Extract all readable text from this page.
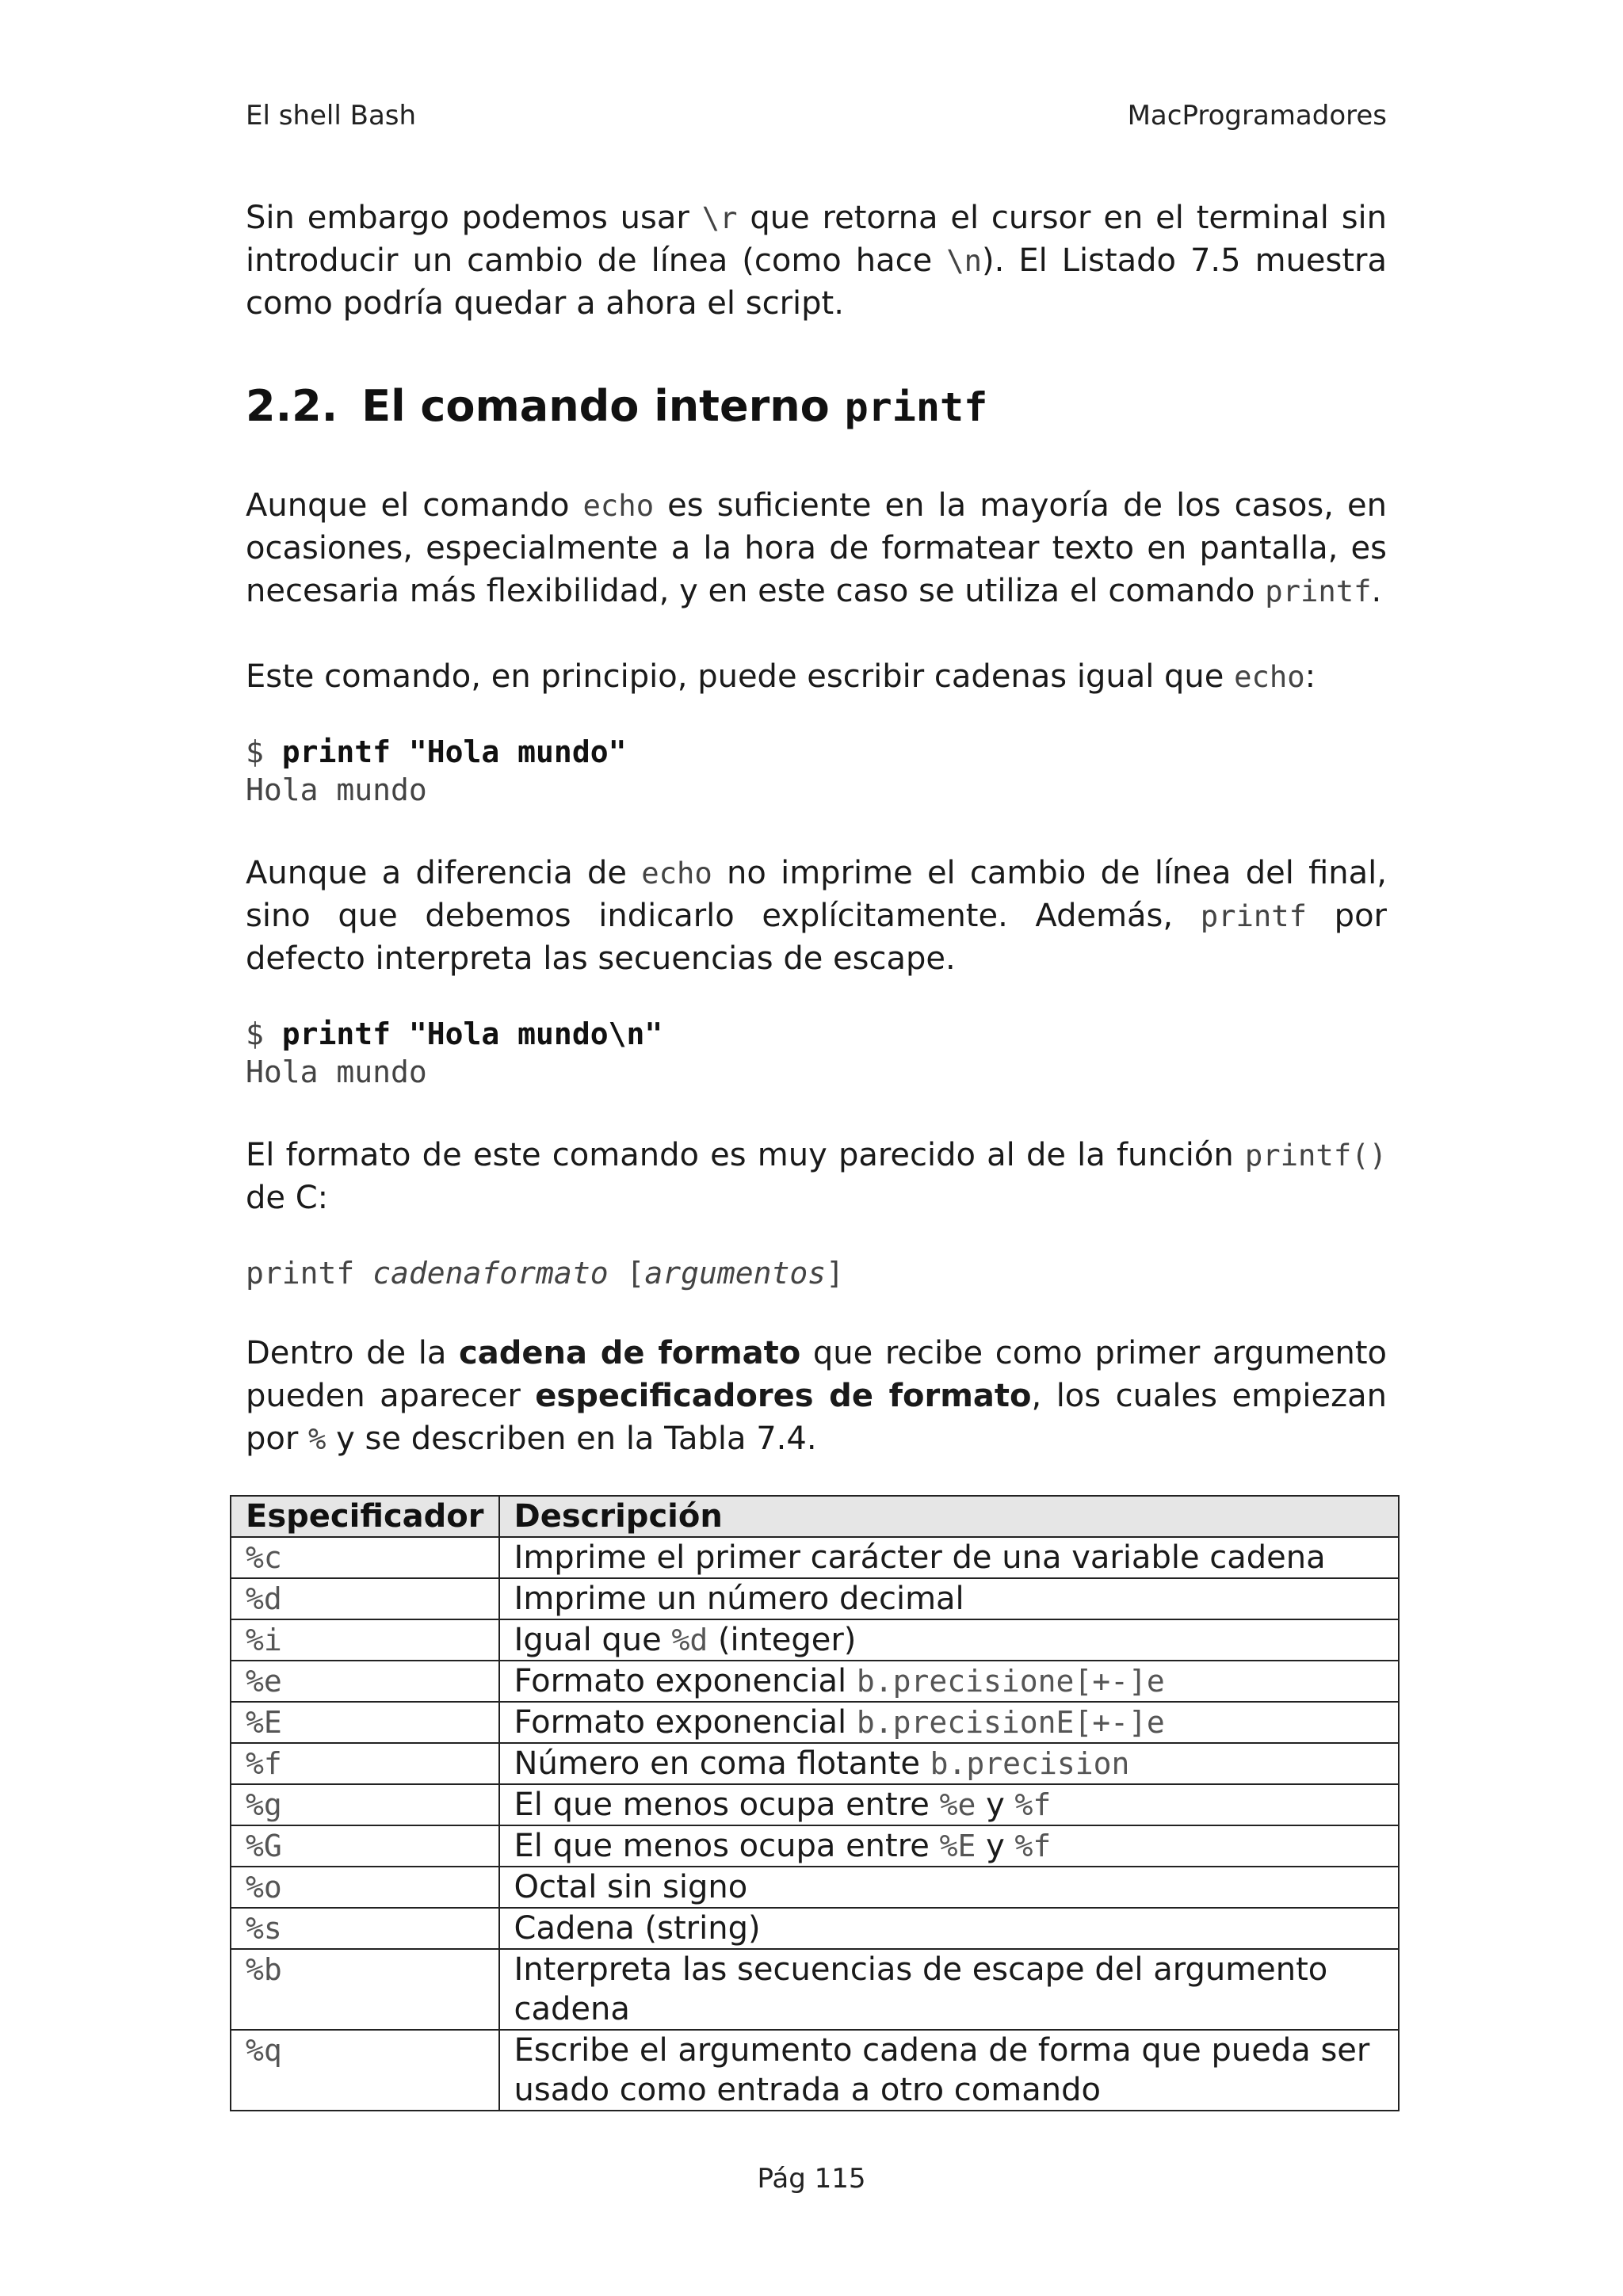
El shell Bash	MacProgramadores

Sin embargo podemos usar \r que retorna el cursor en el terminal sin introducir un cambio de línea (como hace \n). El Listado 7.5 muestra como podría quedar a ahora el script.

2.2. El comando interno printf

Aunque el comando echo es suficiente en la mayoría de los casos, en ocasiones, especialmente a la hora de formatear texto en pantalla, es necesaria más flexibilidad, y en este caso se utiliza el comando printf.

Este comando, en principio, puede escribir cadenas igual que echo:

$ printf "Hola mundo"
Hola mundo

Aunque a diferencia de echo no imprime el cambio de línea del final, sino que debemos indicarlo explícitamente. Además, printf por defecto interpreta las secuencias de escape.

$ printf "Hola mundo\n"
Hola mundo

El formato de este comando es muy parecido al de la función printf() de C:

printf cadenaformato [argumentos]

Dentro de la cadena de formato que recibe como primer argumento pueden aparecer especificadores de formato, los cuales empiezan por % y se describen en la Tabla 7.4.

Especificador	Descripción
%c	Imprime el primer carácter de una variable cadena
%d	Imprime un número decimal
%i	Igual que %d (integer)
%e	Formato exponencial b.precisione[+-]e
%E	Formato exponencial b.precisionE[+-]e
%f	Número en coma flotante b.precision
%g	El que menos ocupa entre %e y %f
%G	El que menos ocupa entre %E y %f
%o	Octal sin signo
%s	Cadena (string)
%b	Interpreta las secuencias de escape del argumento cadena
%q	Escribe el argumento cadena de forma que pueda ser usado como entrada a otro comando
Pág 115
